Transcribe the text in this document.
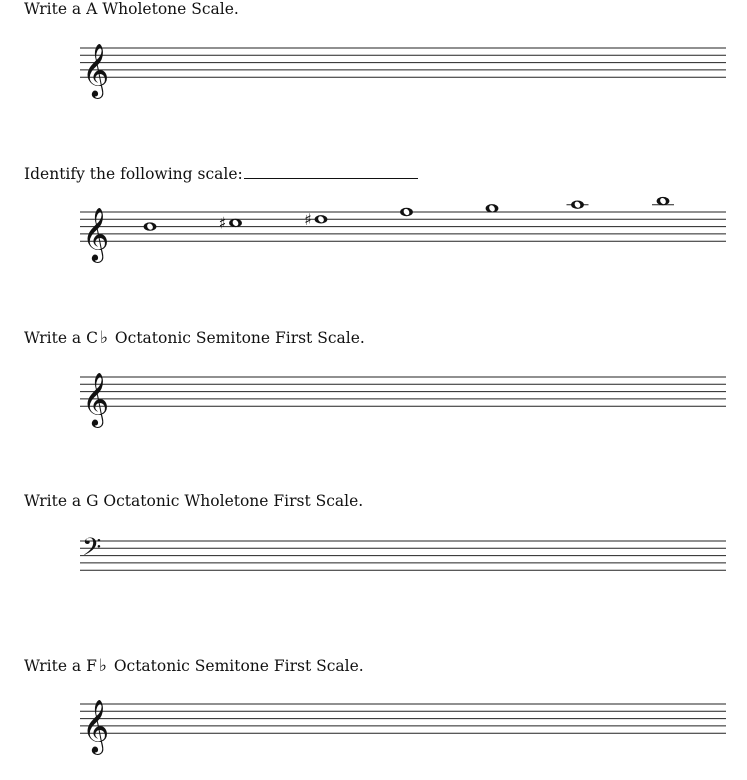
Write a A Wholetone Scale.
𝄞
Identify the following scale:
𝄞	♯	♯
Write a C ♭ Octatonic Semitone First Scale.
𝄞
Write a G Octatonic Wholetone First Scale.
𝄢
Write a F ♭ Octatonic Semitone First Scale.
𝄞
